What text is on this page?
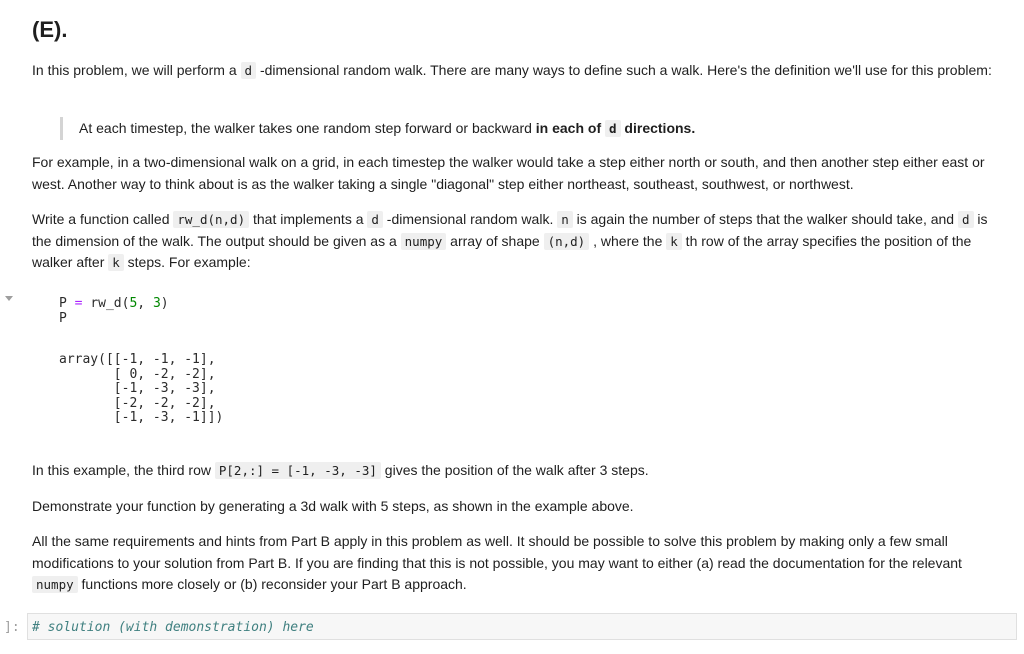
(E).

In this problem, we will perform a d -dimensional random walk. There are many ways to define such a walk. Here's the definition we'll use for this problem:

At each timestep, the walker takes one random step forward or backward in each of d directions.

For example, in a two-dimensional walk on a grid, in each timestep the walker would take a step either north or south, and then another step either east or west. Another way to think about is as the walker taking a single "diagonal" step either northeast, southeast, southwest, or northwest.

Write a function called rw_d(n,d) that implements a d -dimensional random walk. n is again the number of steps that the walker should take, and d is the dimension of the walk. The output should be given as a numpy array of shape (n,d) , where the k th row of the array specifies the position of the walker after k steps. For example:

In this example, the third row P[2,:] = [-1, -3, -3] gives the position of the walk after 3 steps.

Demonstrate your function by generating a 3d walk with 5 steps, as shown in the example above.

All the same requirements and hints from Part B apply in this problem as well. It should be possible to solve this problem by making only a few small modifications to your solution from Part B. If you are finding that this is not possible, you may want to either (a) read the documentation for the relevant numpy functions more closely or (b) reconsider your Part B approach.

P = rw_d(5, 3)
P
array([[-1, -1, -1],
[ 0, -2, -2],
[-1, -3, -3],
[-2, -2, -2],
[-1, -3, -1]])
]: # solution (with demonstration) here
